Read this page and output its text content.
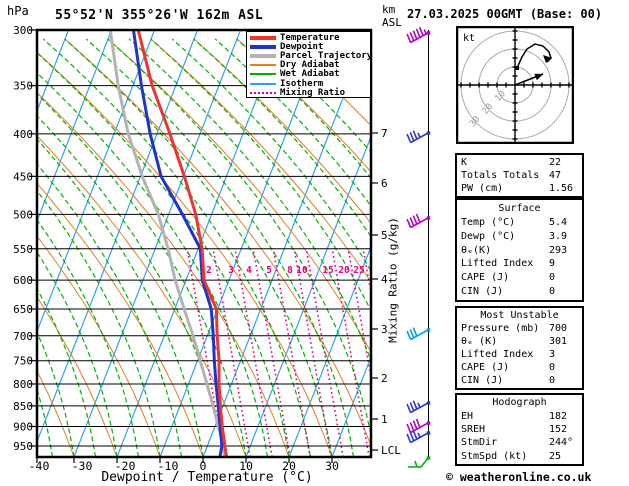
hPa 55°52'N 355°26'W 162m ASL	km
ASL
27.03.2025 00GMT (Base: 00)
2 3 4 5 8 10 15 20 25
300
350
400
450
500
550
600
650
700
750
800
850
900
950
-40 -30 -20 -10 0	10	20	30
7
6
5
4
3
2
1
LCL
Temperature
Dewpoint
Parcel Trajectory
Dry Adiabat
Wet Adiabat
Isotherm
Mixing Ratio
Mixing Ratio (g/kg)
Dewpoint / Temperature (°C)
10
20
30
kt
K	22
Totals Totals 47
PW (cm)	1.56
Surface
Temp (°C)	5.4
Dewp (°C)	3.9
θₑ(K)	293
Lifted Index	9
CAPE (J)	0
CIN (J)	0
Most Unstable
Pressure (mb) 700
θₑ (K)	301
Lifted Index	3
CAPE (J)	0
CIN (J)	0
Hodograph
EH	182
SREH	152
StmDir	244°
StmSpd (kt)	25
© weatheronline.co.uk
